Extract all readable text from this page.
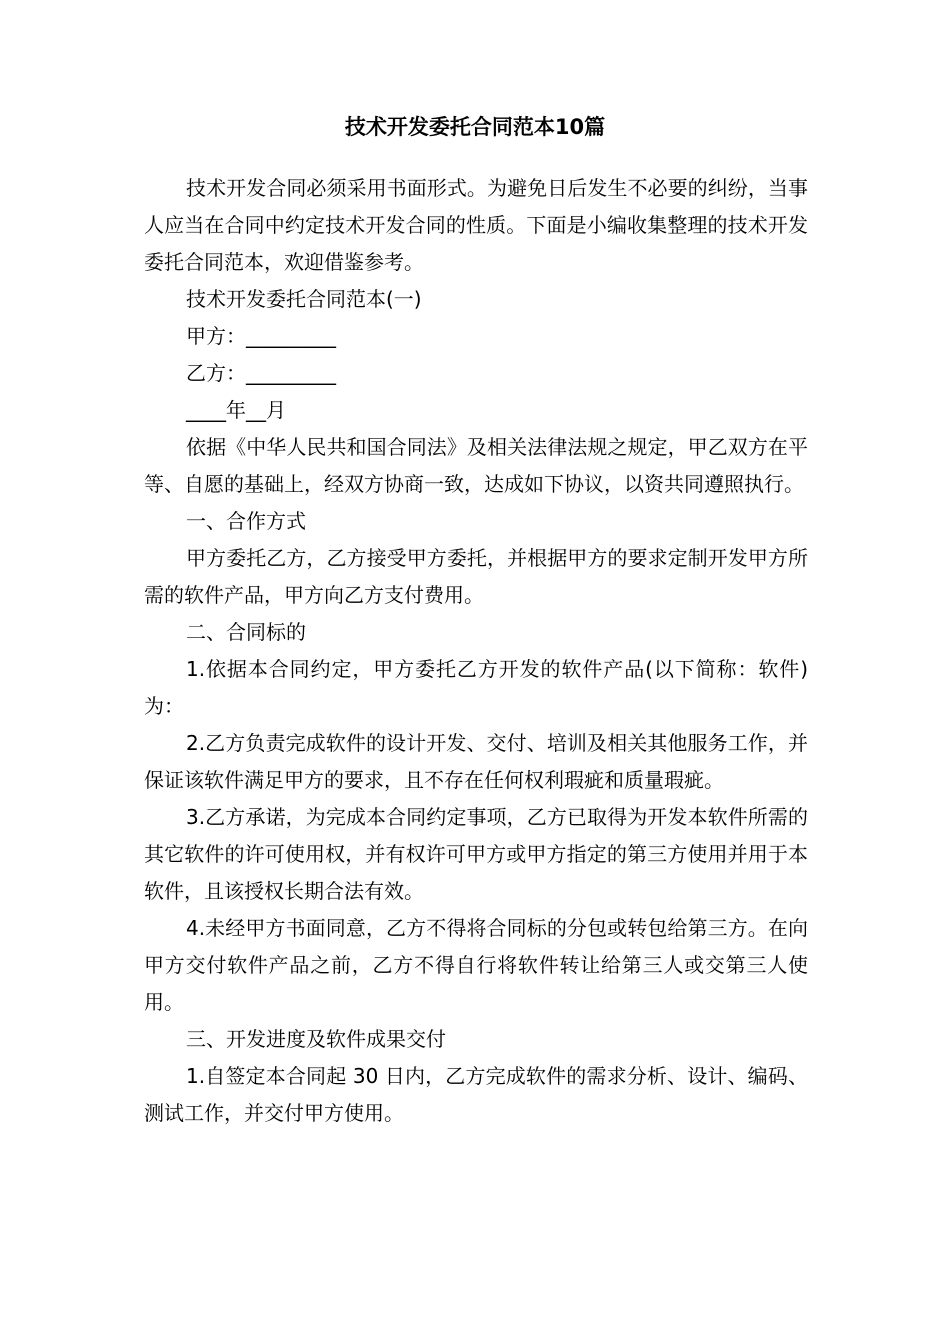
技术开发委托合同范本10篇

技术开发合同必须采用书面形式。为避免日后发生不必要的纠纷，当事人应当在合同中约定技术开发合同的性质。下面是小编收集整理的技术开发委托合同范本，欢迎借鉴参考。

技术开发委托合同范本(一)

甲方：_________

乙方：_________

____年__月

依据《中华人民共和国合同法》及相关法律法规之规定，甲乙双方在平等、自愿的基础上，经双方协商一致，达成如下协议，以资共同遵照执行。

一、合作方式

甲方委托乙方，乙方接受甲方委托，并根据甲方的要求定制开发甲方所需的软件产品，甲方向乙方支付费用。

二、合同标的

1.依据本合同约定，甲方委托乙方开发的软件产品(以下简称：软件)为：

2.乙方负责完成软件的设计开发、交付、培训及相关其他服务工作，并保证该软件满足甲方的要求，且不存在任何权利瑕疵和质量瑕疵。

3.乙方承诺，为完成本合同约定事项，乙方已取得为开发本软件所需的其它软件的许可使用权，并有权许可甲方或甲方指定的第三方使用并用于本软件，且该授权长期合法有效。

4.未经甲方书面同意，乙方不得将合同标的分包或转包给第三方。在向甲方交付软件产品之前，乙方不得自行将软件转让给第三人或交第三人使用。

三、开发进度及软件成果交付

1.自签定本合同起 30 日内，乙方完成软件的需求分析、设计、编码、测试工作，并交付甲方使用。
